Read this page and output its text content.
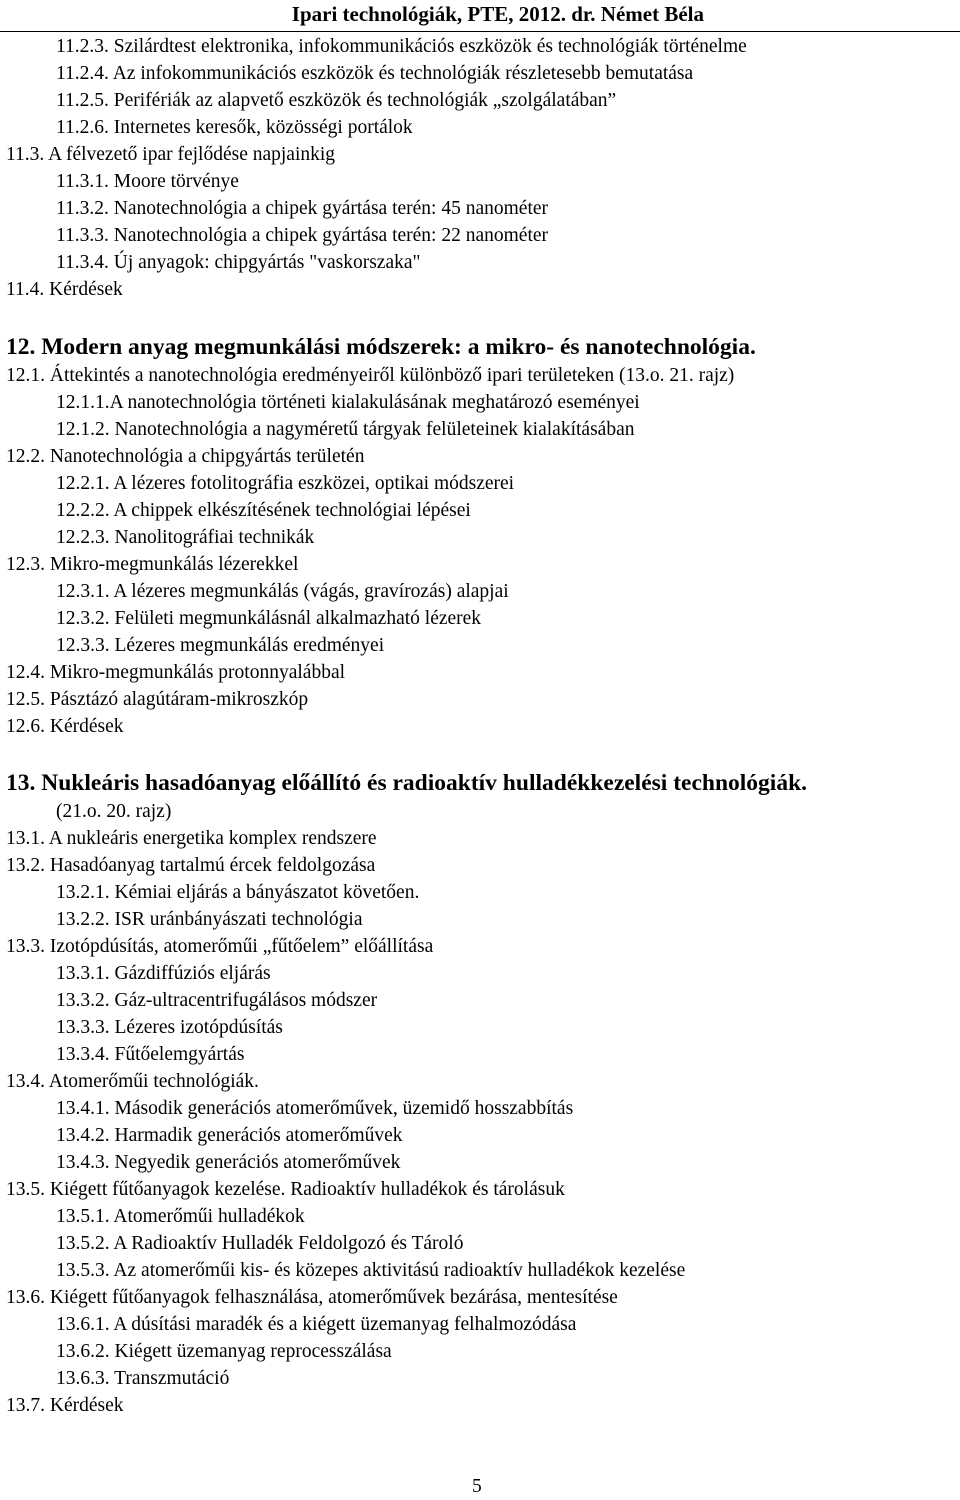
Ipari technológiák, PTE, 2012. dr. Német Béla
11.2.3. Szilárdtest elektronika, infokommunikációs eszközök és technológiák történelme
11.2.4. Az infokommunikációs eszközök és technológiák részletesebb bemutatása
11.2.5. Perifériák az alapvető eszközök és technológiák „szolgálatában”
11.2.6. Internetes keresők, közösségi portálok
11.3. A félvezető ipar fejlődése napjainkig
11.3.1. Moore törvénye
11.3.2. Nanotechnológia a chipek gyártása terén: 45 nanométer
11.3.3. Nanotechnológia a chipek gyártása terén: 22 nanométer
11.3.4. Új anyagok: chipgyártás "vaskorszaka"
11.4. Kérdések
12. Modern anyag megmunkálási módszerek: a mikro- és nanotechnológia.
12.1. Áttekintés a nanotechnológia eredményeiről különböző ipari területeken (13.o. 21. rajz)
12.1.1.A nanotechnológia történeti kialakulásának meghatározó eseményei
12.1.2. Nanotechnológia a nagyméretű tárgyak felületeinek kialakításában
12.2. Nanotechnológia a chipgyártás területén
12.2.1. A lézeres fotolitográfia eszközei, optikai módszerei
12.2.2. A chippek elkészítésének technológiai lépései
12.2.3. Nanolitográfiai technikák
12.3. Mikro-megmunkálás lézerekkel
12.3.1. A lézeres megmunkálás (vágás, gravírozás) alapjai
12.3.2. Felületi megmunkálásnál alkalmazható lézerek
12.3.3. Lézeres megmunkálás eredményei
12.4. Mikro-megmunkálás protonnyalábbal
12.5. Pásztázó alagútáram-mikroszkóp
12.6. Kérdések
13. Nukleáris hasadóanyag előállító és radioaktív hulladékkezelési technológiák.
(21.o. 20. rajz)
13.1. A nukleáris energetika komplex rendszere
13.2. Hasadóanyag tartalmú ércek feldolgozása
13.2.1. Kémiai eljárás a bányászatot követően.
13.2.2. ISR uránbányászati technológia
13.3. Izotópdúsítás, atomerőműi „fűtőelem” előállítása
13.3.1. Gázdiffúziós eljárás
13.3.2. Gáz-ultracentrifugálásos módszer
13.3.3. Lézeres izotópdúsítás
13.3.4. Fűtőelemgyártás
13.4. Atomerőműi technológiák.
13.4.1. Második generációs atomerőművek, üzemidő hosszabbítás
13.4.2. Harmadik generációs atomerőművek
13.4.3. Negyedik generációs atomerőművek
13.5. Kiégett fűtőanyagok kezelése. Radioaktív hulladékok és tárolásuk
13.5.1. Atomerőműi hulladékok
13.5.2. A Radioaktív Hulladék Feldolgozó és Tároló
13.5.3. Az atomerőműi kis- és közepes aktivitású radioaktív hulladékok kezelése
13.6. Kiégett fűtőanyagok felhasználása, atomerőművek bezárása, mentesítése
13.6.1. A dúsítási maradék és a kiégett üzemanyag felhalmozódása
13.6.2. Kiégett üzemanyag reprocesszálása
13.6.3. Transzmutáció
13.7. Kérdések
5
